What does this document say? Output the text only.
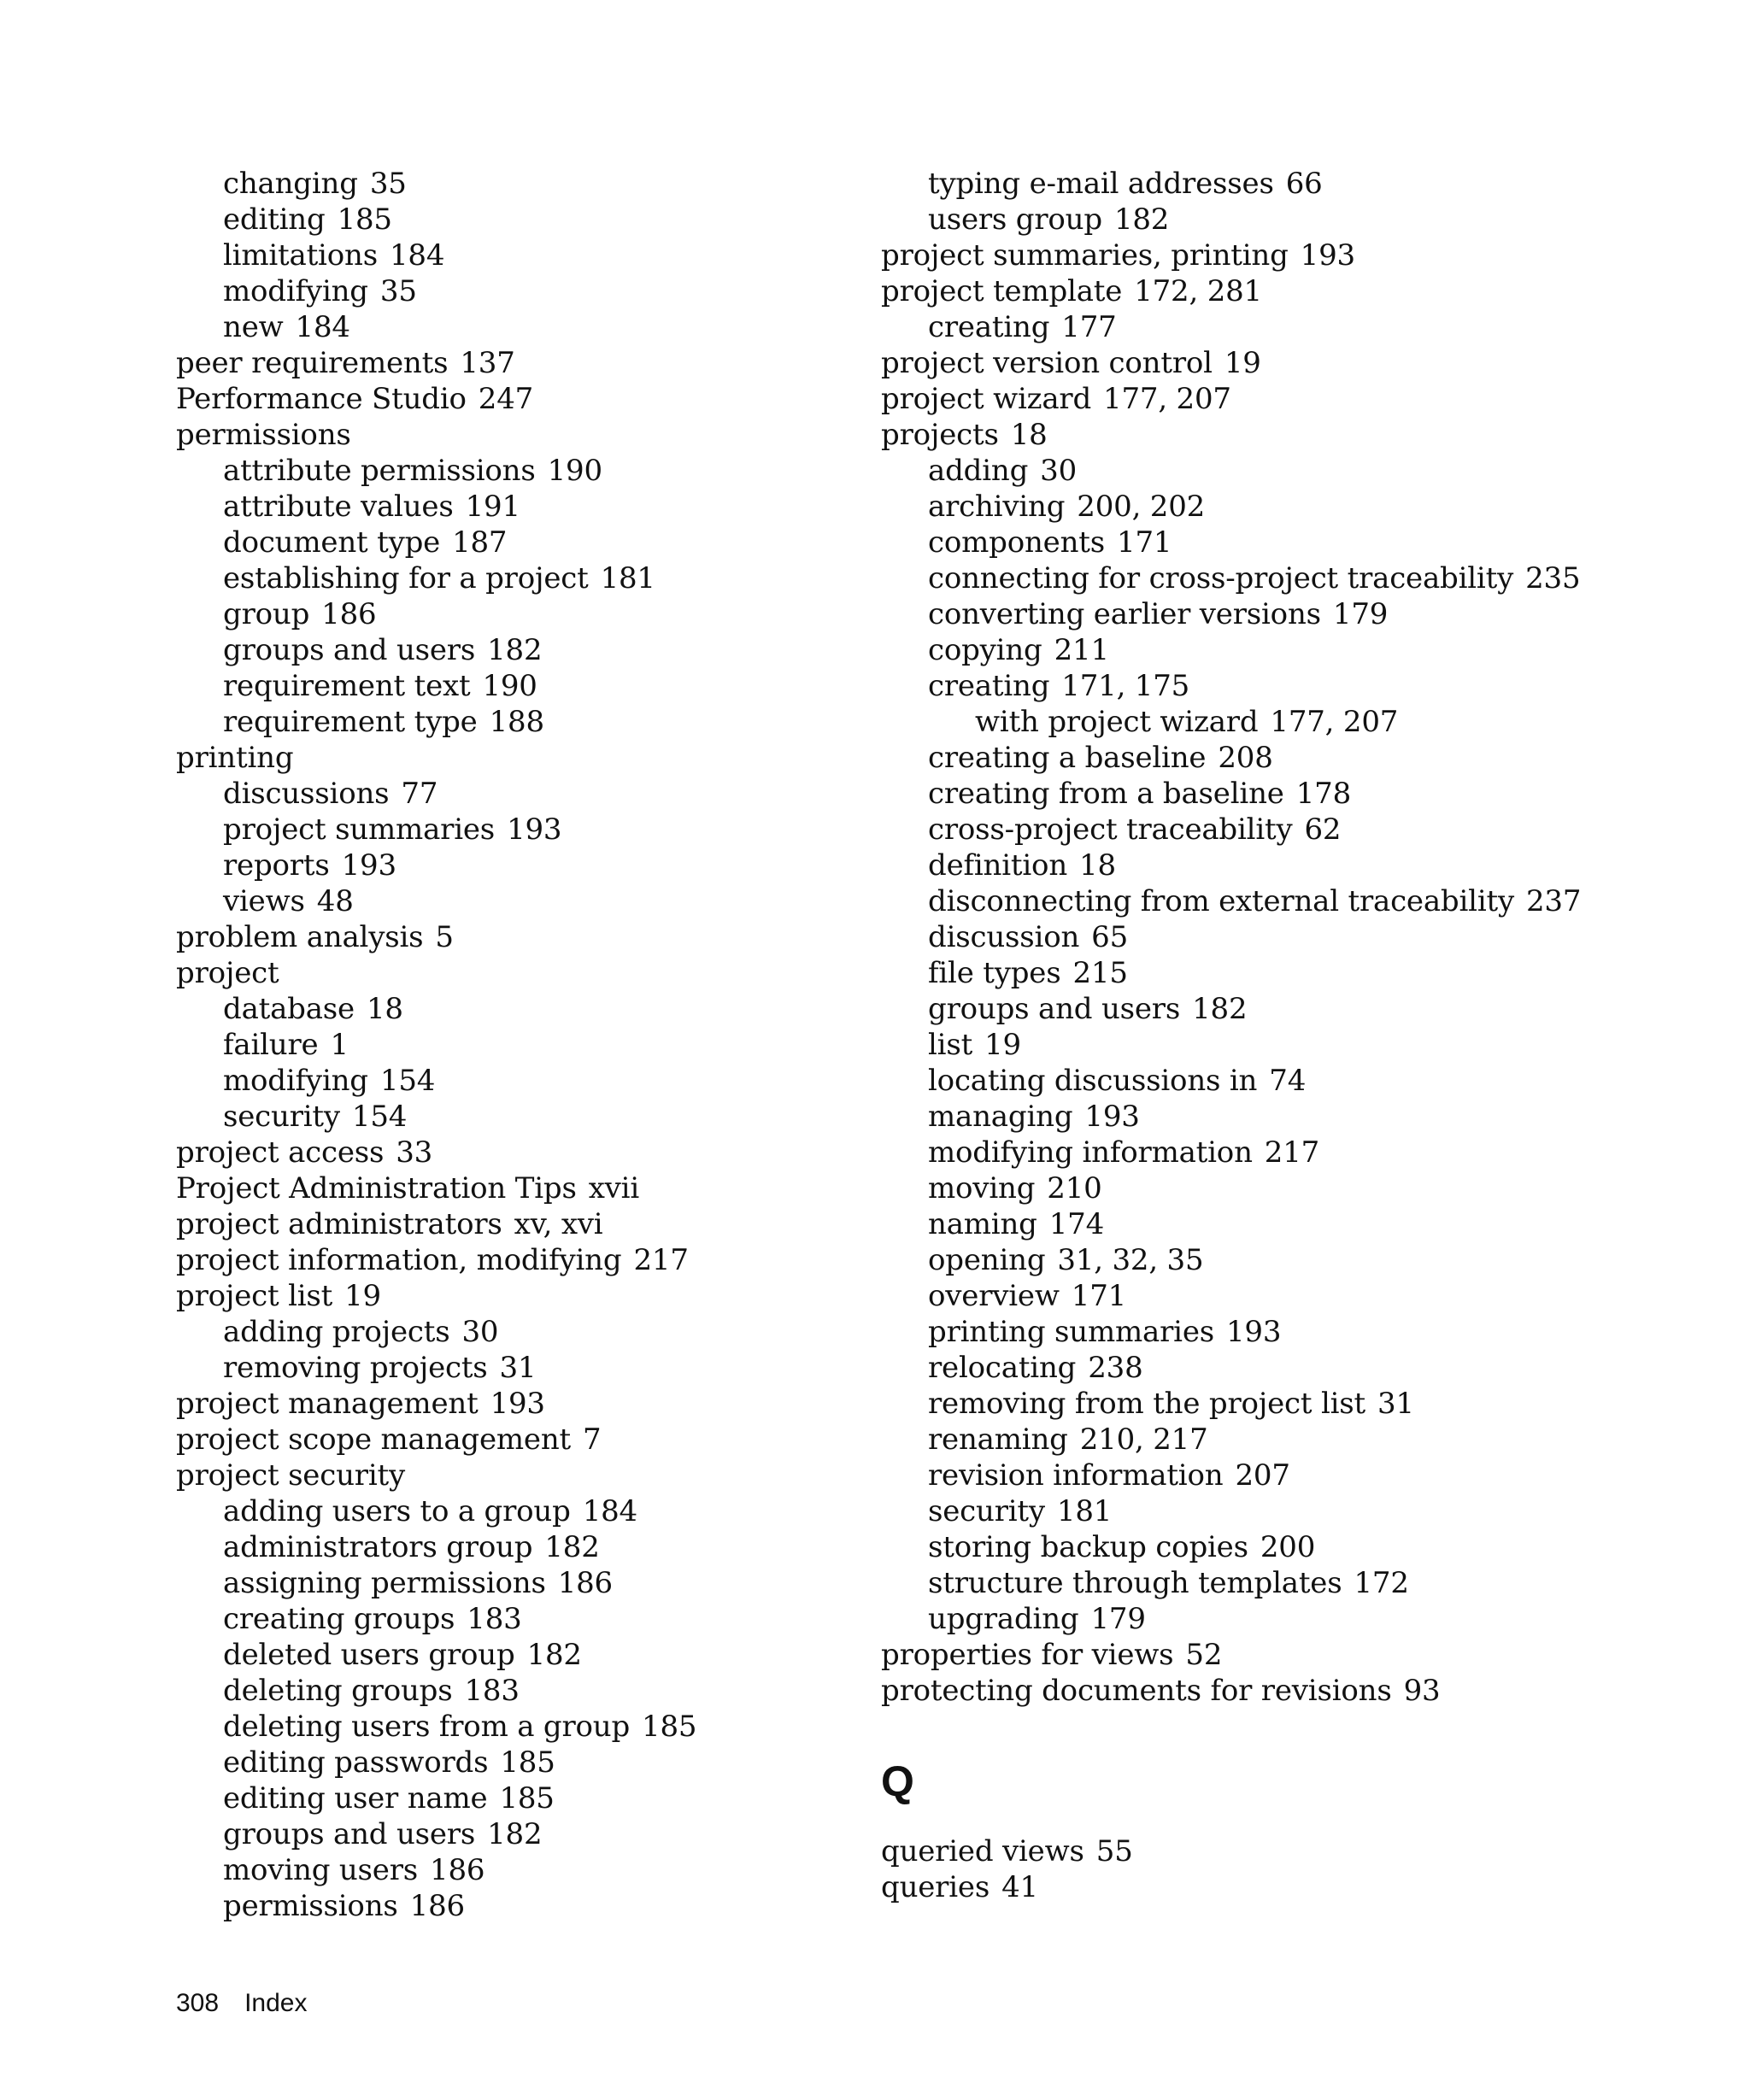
changing 35
editing 185
limitations 184
modifying 35
new 184
peer requirements 137
Performance Studio 247
permissions
attribute permissions 190
attribute values 191
document type 187
establishing for a project 181
group 186
groups and users 182
requirement text 190
requirement type 188
printing
discussions 77
project summaries 193
reports 193
views 48
problem analysis 5
project
database 18
failure 1
modifying 154
security 154
project access 33
Project Administration Tips xvii
project administrators xv, xvi
project information, modifying 217
project list 19
adding projects 30
removing projects 31
project management 193
project scope management 7
project security
adding users to a group 184
administrators group 182
assigning permissions 186
creating groups 183
deleted users group 182
deleting groups 183
deleting users from a group 185
editing passwords 185
editing user name 185
groups and users 182
moving users 186
permissions 186
typing e-mail addresses 66
users group 182
project summaries, printing 193
project template 172, 281
creating 177
project version control 19
project wizard 177, 207
projects 18
adding 30
archiving 200, 202
components 171
connecting for cross-project traceability 235
converting earlier versions 179
copying 211
creating 171, 175
with project wizard 177, 207
creating a baseline 208
creating from a baseline 178
cross-project traceability 62
definition 18
disconnecting from external traceability 237
discussion 65
file types 215
groups and users 182
list 19
locating discussions in 74
managing 193
modifying information 217
moving 210
naming 174
opening 31, 32, 35
overview 171
printing summaries 193
relocating 238
removing from the project list 31
renaming 210, 217
revision information 207
security 181
storing backup copies 200
structure through templates 172
upgrading 179
properties for views 52
protecting documents for revisions 93
Q
queried views 55
queries 41
308 Index
